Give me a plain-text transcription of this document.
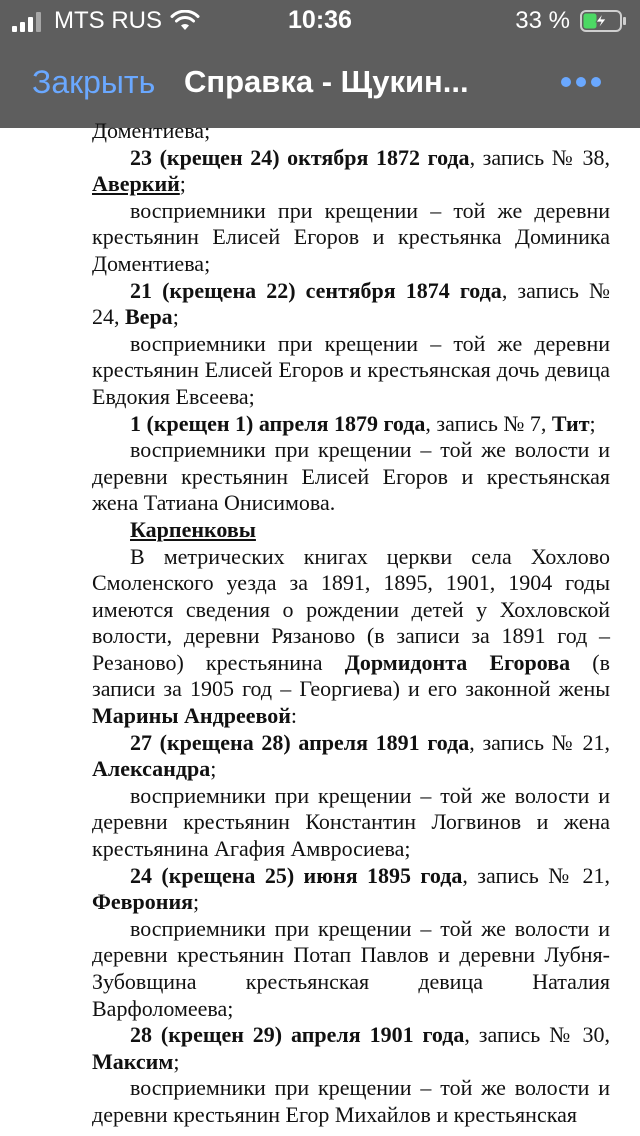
MTS RUS	10:36	33 %
Закрыть Справка - Щукин...

Доментиева;

23 (крещен 24) октября 1872 года, запись № 38, Аверкий;

восприемники при крещении – той же деревни крестьянин Елисей Егоров и крестьянка Доминика Доментиева;

21 (крещена 22) сентября 1874 года, запись № 24, Вера;

восприемники при крещении – той же деревни крестьянин Елисей Егоров и крестьянская дочь девица Евдокия Евсеева;

1 (крещен 1) апреля 1879 года, запись № 7, Тит;

восприемники при крещении – той же волости и деревни крестьянин Елисей Егоров и крестьянская жена Татиана Онисимова.

Карпенковы

В метрических книгах церкви села Хохлово Смоленского уезда за 1891, 1895, 1901, 1904 годы имеются сведения о рождении детей у Хохловской волости, деревни Рязаново (в записи за 1891 год – Резаново) крестьянина Дормидонта Егорова (в записи за 1905 год – Георгиева) и его законной жены Марины Андреевой:

27 (крещена 28) апреля 1891 года, запись № 21, Александра;

восприемники при крещении – той же волости и деревни крестьянин Константин Логвинов и жена крестьянина Агафия Амвросиева;

24 (крещена 25) июня 1895 года, запись № 21, Феврония;

восприемники при крещении – той же волости и деревни крестьянин Потап Павлов и деревни Лубня-Зубовщина крестьянская девица Наталия Варфоломеева;

28 (крещен 29) апреля 1901 года, запись № 30, Максим;

восприемники при крещении – той же волости и деревни крестьянин Егор Михайлов и крестьянская
